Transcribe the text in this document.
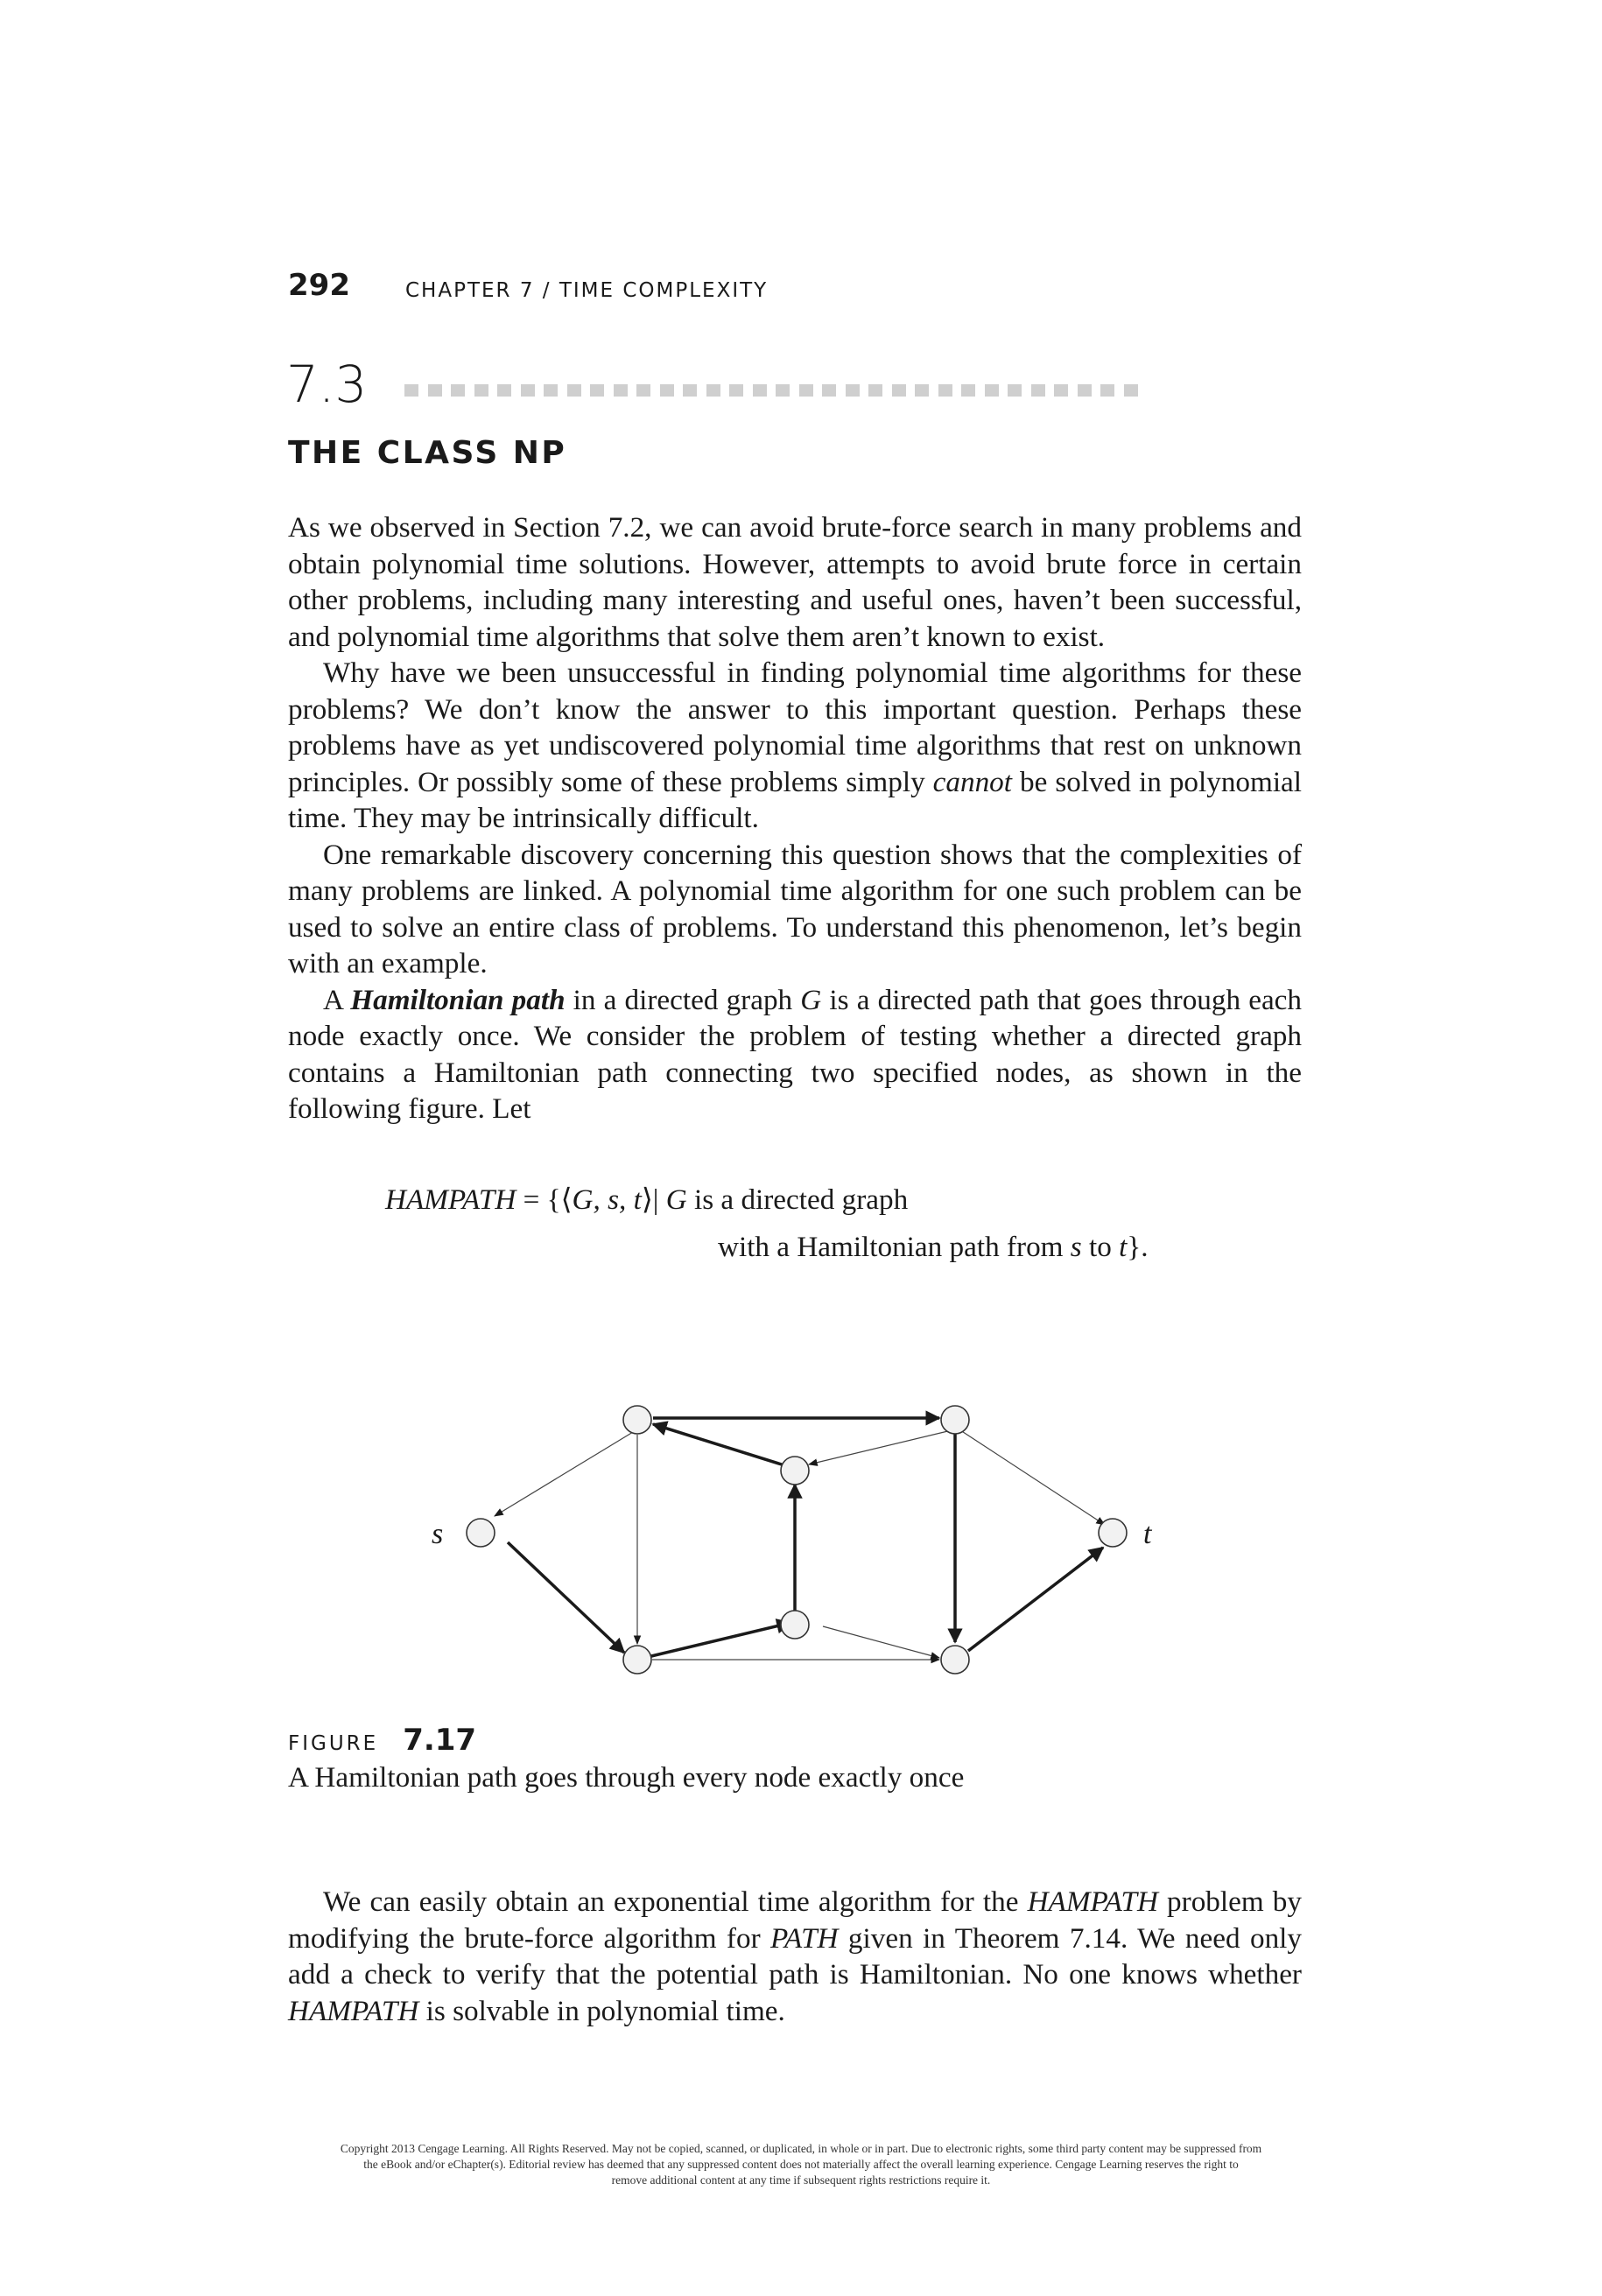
292	CHAPTER 7 / TIME COMPLEXITY
7.3
THE CLASS NP

As we observed in Section 7.2, we can avoid brute-force search in many problems and obtain polynomial time solutions. However, attempts to avoid brute force in certain other problems, including many interesting and useful ones, haven’t been successful, and polynomial time algorithms that solve them aren’t known to exist.

Why have we been unsuccessful in finding polynomial time algorithms for these problems? We don’t know the answer to this important question. Perhaps these problems have as yet undiscovered polynomial time algorithms that rest on unknown principles. Or possibly some of these problems simply cannot be solved in polynomial time. They may be intrinsically difficult.

One remarkable discovery concerning this question shows that the complexities of many problems are linked. A polynomial time algorithm for one such problem can be used to solve an entire class of problems. To understand this phenomenon, let’s begin with an example.

A Hamiltonian path in a directed graph G is a directed path that goes through each node exactly once. We consider the problem of testing whether a directed graph contains a Hamiltonian path connecting two specified nodes, as shown in the following figure. Let

HAMPATH = {⟨G, s, t⟩| G is a directed graph
with a Hamiltonian path from s to t}.
s	t
FIGURE 7.17
A Hamiltonian path goes through every node exactly once

We can easily obtain an exponential time algorithm for the HAMPATH problem by modifying the brute-force algorithm for PATH given in Theorem 7.14. We need only add a check to verify that the potential path is Hamiltonian. No one knows whether HAMPATH is solvable in polynomial time.

Copyright 2013 Cengage Learning. All Rights Reserved. May not be copied, scanned, or duplicated, in whole or in part. Due to electronic rights, some third party content may be suppressed from
the eBook and/or eChapter(s). Editorial review has deemed that any suppressed content does not materially affect the overall learning experience. Cengage Learning reserves the right to
remove additional content at any time if subsequent rights restrictions require it.
